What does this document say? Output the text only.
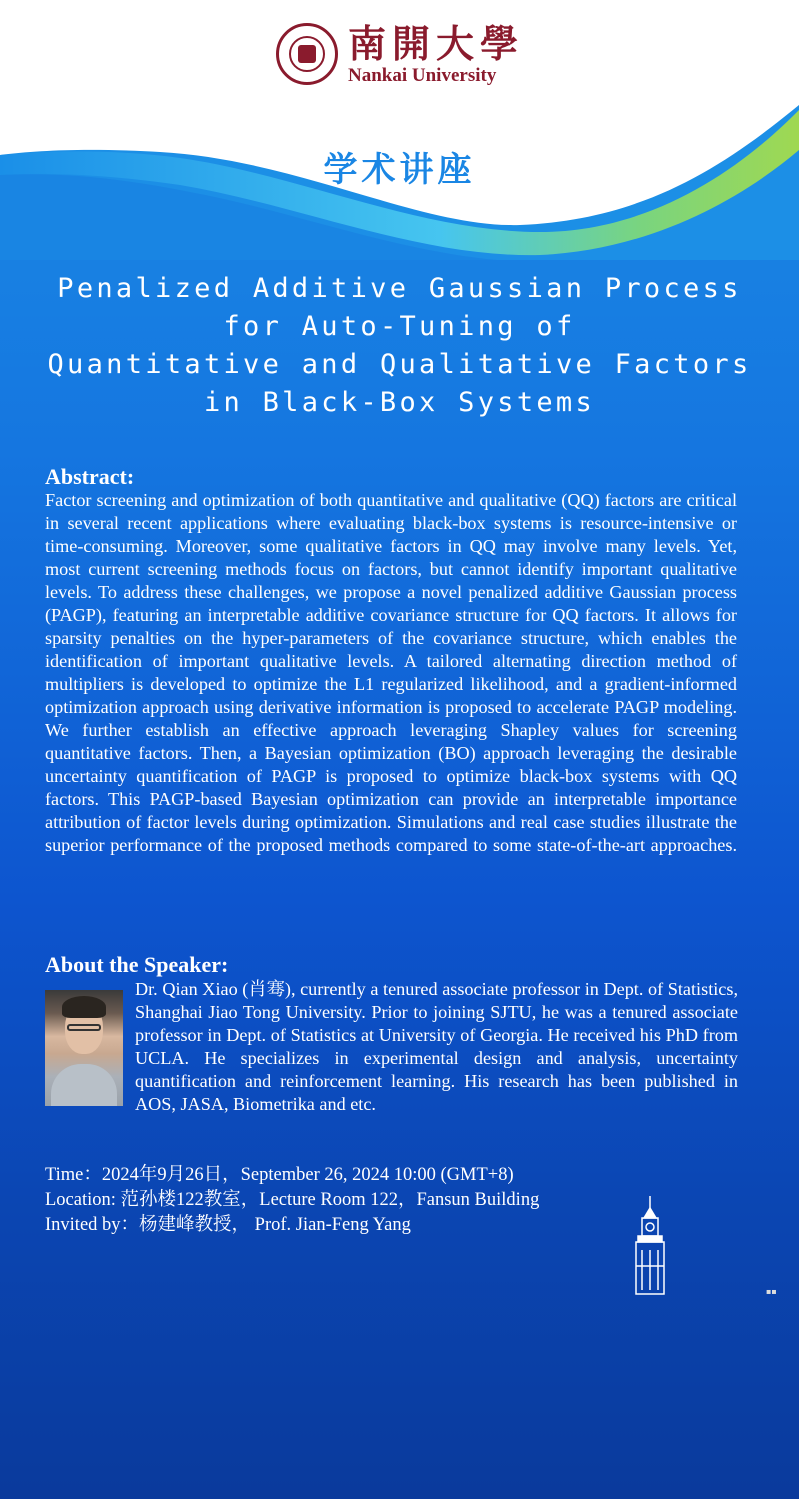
南開大學
Nankai University
学术讲座
Penalized Additive Gaussian Process
for Auto-Tuning of
Quantitative and Qualitative Factors
in Black-Box Systems
Abstract:
Factor screening and optimization of both quantitative and qualitative (QQ) factors are critical in several recent applications where evaluating black-box systems is resource-intensive or time-consuming. Moreover, some qualitative factors in QQ may involve many levels. Yet, most current screening methods focus on factors, but cannot identify important qualitative levels. To address these challenges, we propose a novel penalized additive Gaussian process (PAGP), featuring an interpretable additive covariance structure for QQ factors. It allows for sparsity penalties on the hyper-parameters of the covariance structure, which enables the identification of important qualitative levels. A tailored alternating direction method of multipliers is developed to optimize the L1 regularized likelihood, and a gradient-informed optimization approach using derivative information is proposed to accelerate PAGP modeling. We further establish an effective approach leveraging Shapley values for screening quantitative factors. Then, a Bayesian optimization (BO) approach leveraging the desirable uncertainty quantification of PAGP is proposed to optimize black-box systems with QQ factors. This PAGP-based Bayesian optimization can provide an interpretable importance attribution of factor levels during optimization. Simulations and real case studies illustrate the superior performance of the proposed methods compared to some state-of-the-art approaches.
About the Speaker:
Dr. Qian Xiao (肖骞), currently a tenured associate professor in Dept. of Statistics, Shanghai Jiao Tong University. Prior to joining SJTU, he was a tenured associate professor in Dept. of Statistics at University of Georgia. He received his PhD from UCLA. He specializes in experimental design and analysis, uncertainty quantification and reinforcement learning. His research has been published in AOS, JASA, Biometrika and etc.
Time：2024年9月26日，September 26, 2024 10:00 (GMT+8)
Location: 范孙楼122教室，Lecture Room 122，Fansun Building
Invited by：杨建峰教授， Prof. Jian-Feng Yang
▪▪
